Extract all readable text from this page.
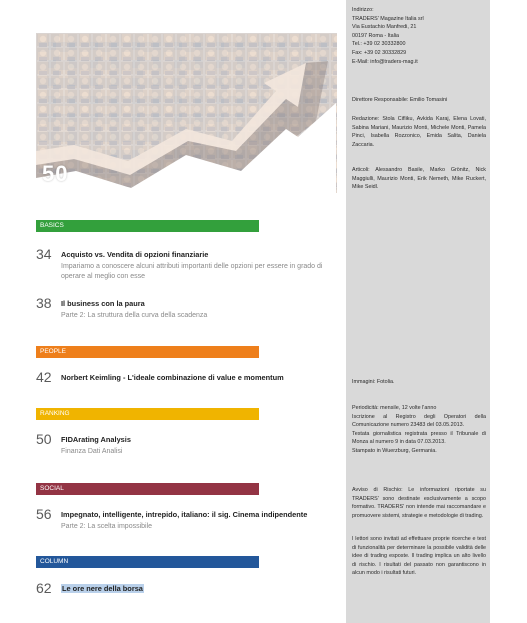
50
BASICS
34 Acquisto vs. Vendita di opzioni finanziarie
Impariamo a conoscere alcuni attributi importanti delle opzioni per essere in grado di operare al meglio con esse
38 Il business con la paura
Parte 2: La struttura della curva della scadenza
PEOPLE
42 Norbert Keimling - L'ideale combinazione di value e momentum
RANKING
50 FIDArating Analysis
Finanza Dati Analisi
SOCIAL
56 Impegnato, intelligente, intrepido, italiano: il sig. Cinema indipendente
Parte 2: La scelta impossibile
COLUMN
62 Le ore nere della borsa

Indirizzo:

TRADERS' Magazine Italia srl

Via Eustachio Manfredi, 21

00197 Roma - Italia

Tel.: +39 02 30332800

Fax: +39 02 30332829

E-Mail: info@traders-mag.it

Direttore Responsabile: Emilio Tomasini

Redazione: Stola Cifliku, Avkida Karaj, Elena Lovati, Sabina Mariani, Maurizio Monti, Michele Monti, Pamela Pinci, Isabella Rozzonico, Emida Salita, Daniela Zaccaria.

Articoli: Alessandro Basile, Marko Grönitz, Nick Maggiulli, Maurizio Monti, Erik Nemeth, Mike Ruckert, Mike Seidl.

Immagini: Fotolia.

Periodicità: mensile, 12 volte l'anno

Iscrizione al Registro degli Operatori della Comunicazione numero 23483 del 03.05.2013.

Testata giornalistica registrata presso il Tribunale di Monza al numero 9 in data 07.03.2013.

Stampato in Wuerzburg, Germania.

Avviso di Rischio: Le informazioni riportate su TRADERS' sono destinate esclusivamente a scopo formativo. TRADERS' non intende mai raccomandare e promuovere sistemi, strategie e metodologie di trading.

I lettori sono invitati ad effettuare proprie ricerche e test di funzionalità per determinare la possibile validità delle idee di trading esposte. Il trading implica un alto livello di rischio. I risultati del passato non garantiscono in alcun modo i risultati futuri.
